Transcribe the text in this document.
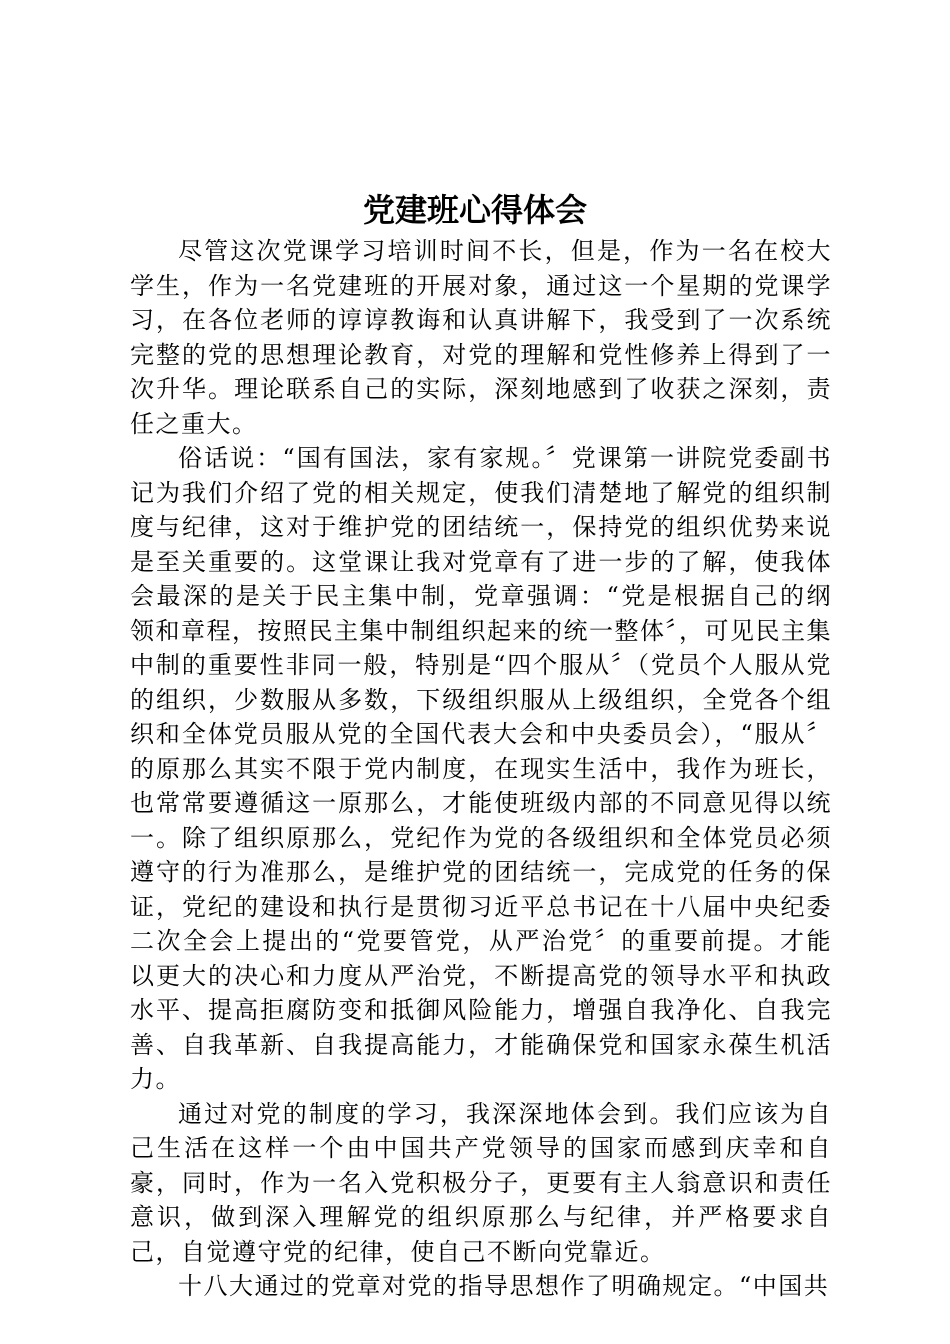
党建班心得体会

尽管这次党课学习培训时间不长，但是，作为一名在校大学生，作为一名党建班的开展对象，通过这一个星期的党课学习，在各位老师的谆谆教诲和认真讲解下，我受到了一次系统完整的党的思想理论教育，对党的理解和党性修养上得到了一次升华。理论联系自己的实际，深刻地感到了收获之深刻，责任之重大。

俗话说：“国有国法，家有家规。〞党课第一讲院党委副书记为我们介绍了党的相关规定，使我们清楚地了解党的组织制度与纪律，这对于维护党的团结统一，保持党的组织优势来说是至关重要的。这堂课让我对党章有了进一步的了解，使我体会最深的是关于民主集中制，党章强调：“党是根据自己的纲领和章程，按照民主集中制组织起来的统一整体〞，可见民主集中制的重要性非同一般，特别是“四个服从〞（党员个人服从党的组织，少数服从多数，下级组织服从上级组织，全党各个组织和全体党员服从党的全国代表大会和中央委员会），“服从〞的原那么其实不限于党内制度，在现实生活中，我作为班长，也常常要遵循这一原那么，才能使班级内部的不同意见得以统一。除了组织原那么，党纪作为党的各级组织和全体党员必须遵守的行为准那么，是维护党的团结统一，完成党的任务的保证，党纪的建设和执行是贯彻习近平总书记在十八届中央纪委二次全会上提出的“党要管党，从严治党〞的重要前提。才能以更大的决心和力度从严治党，不断提高党的领导水平和执政水平、提高拒腐防变和抵御风险能力，增强自我净化、自我完善、自我革新、自我提高能力，才能确保党和国家永葆生机活力。

通过对党的制度的学习，我深深地体会到。我们应该为自己生活在这样一个由中国共产党领导的国家而感到庆幸和自豪，同时，作为一名入党积极分子，更要有主人翁意识和责任意识，做到深入理解党的组织原那么与纪律，并严格要求自己，自觉遵守党的纪律，使自己不断向党靠近。

十八大通过的党章对党的指导思想作了明确规定。“中国共
